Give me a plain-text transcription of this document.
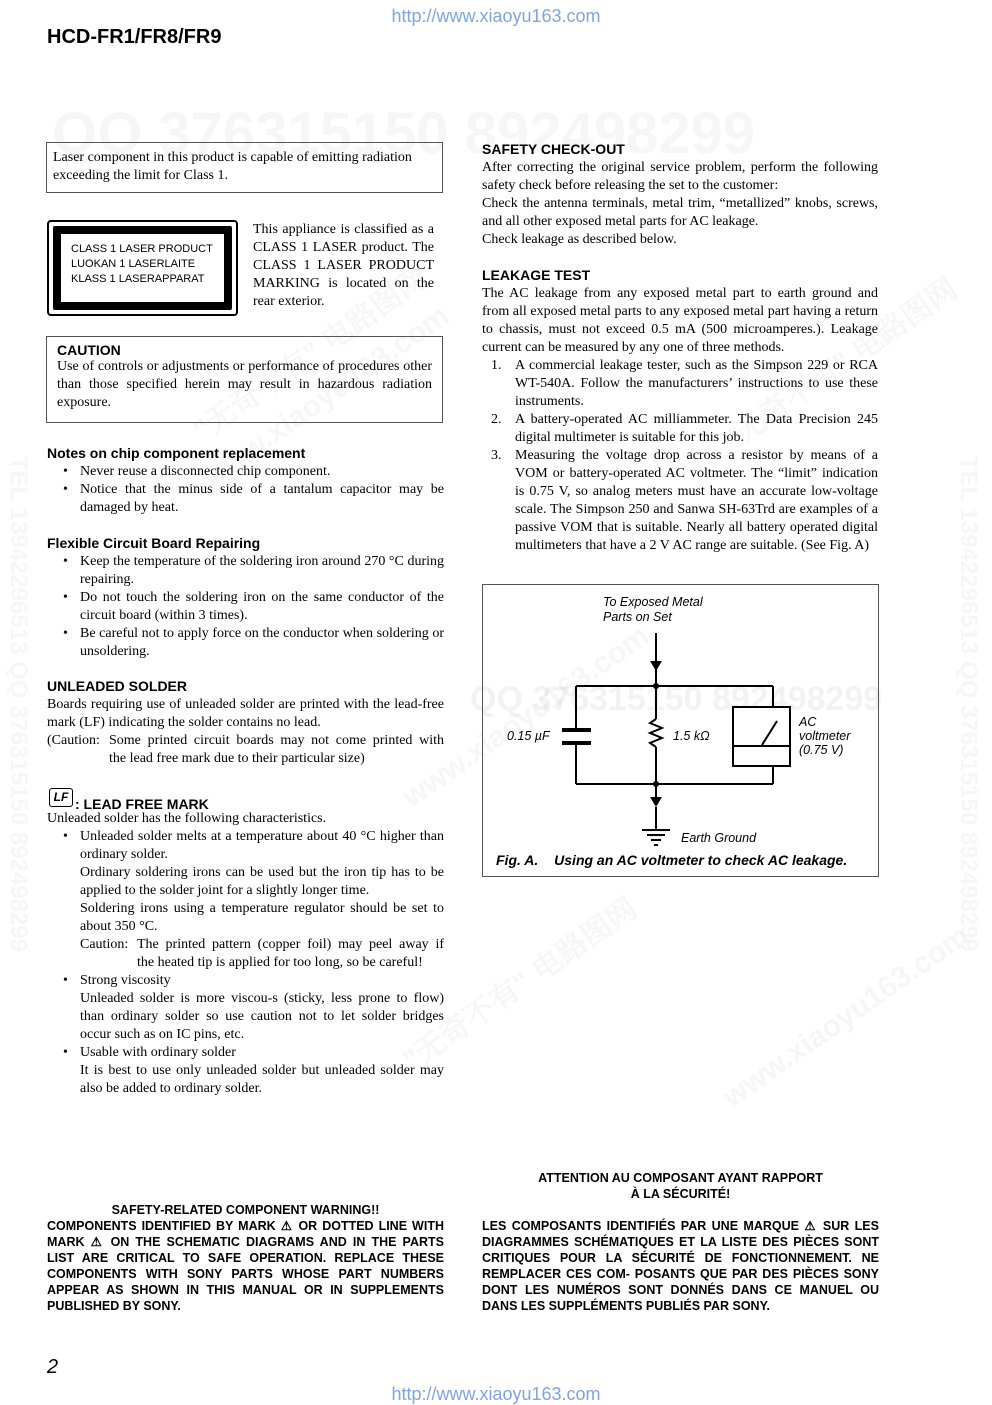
QQ 376315150 892498299
http://www.xiaoyu163.com
HCD-FR1/FR8/FR9
Laser component in this product is capable of emitting radiation exceeding the limit for Class 1.
CLASS 1 LASER PRODUCT
LUOKAN 1 LASERLAITE
KLASS 1 LASERAPPARAT
This appliance is classified as a CLASS 1 LASER product. The CLASS 1 LASER PRODUCT MARKING is located on the rear exterior.
CAUTION
Use of controls or adjustments or performance of procedures other than those specified herein may result in hazardous radiation exposure.
Notes on chip component replacement
• Never reuse a disconnected chip component.
• Notice that the minus side of a tantalum capacitor may be damaged by heat.
Flexible Circuit Board Repairing
• Keep the temperature of the soldering iron around 270 °C during repairing.
• Do not touch the soldering iron on the same conductor of the circuit board (within 3 times).
• Be careful not to apply force on the conductor when soldering or unsoldering.
UNLEADED SOLDER
Boards requiring use of unleaded solder are printed with the lead-free mark (LF) indicating the solder contains no lead.
(Caution: Some printed circuit boards may not come printed with
the lead free mark due to their particular size)
LF : LEAD FREE MARK
Unleaded solder has the following characteristics.
• Unleaded solder melts at a temperature about 40 °C higher than ordinary solder.
Ordinary soldering irons can be used but the iron tip has to be applied to the solder joint for a slightly longer time.
Soldering irons using a temperature regulator should be set to about 350 °C.
Caution: The printed pattern (copper foil) may peel away if
the heated tip is applied for too long, so be careful!
• Strong viscosity
Unleaded solder is more viscou-s (sticky, less prone to flow) than ordinary solder so use caution not to let solder bridges occur such as on IC pins, etc.
• Usable with ordinary solder
It is best to use only unleaded solder but unleaded solder may also be added to ordinary solder.
SAFETY CHECK-OUT
After correcting the original service problem, perform the following safety check before releasing the set to the customer:
Check the antenna terminals, metal trim, “metallized” knobs, screws, and all other exposed metal parts for AC leakage.
Check leakage as described below.
LEAKAGE TEST
The AC leakage from any exposed metal part to earth ground and from all exposed metal parts to any exposed metal part having a return to chassis, must not exceed 0.5 mA (500 microamperes.). Leakage current can be measured by any one of three methods.
1. A commercial leakage tester, such as the Simpson 229 or RCA WT-540A. Follow the manufacturers’ instructions to use these instruments.
2. A battery-operated AC milliammeter. The Data Precision 245 digital multimeter is suitable for this job.
3. Measuring the voltage drop across a resistor by means of a VOM or battery-operated AC voltmeter. The “limit” indication is 0.75 V, so analog meters must have an accurate low-voltage scale. The Simpson 250 and Sanwa SH-63Trd are examples of a passive VOM that is suitable. Nearly all battery operated digital multimeters that have a 2 V AC range are suitable. (See Fig. A)
To Exposed Metal
Parts on Set
0.15 µF	1.5 kΩ
AC
voltmeter
(0.75 V)
Earth Ground
Fig. A. Using an AC voltmeter to check AC leakage.
SAFETY-RELATED COMPONENT WARNING!!
COMPONENTS IDENTIFIED BY MARK ⚠ OR DOTTED LINE WITH MARK ⚠ ON THE SCHEMATIC DIAGRAMS AND IN THE PARTS LIST ARE CRITICAL TO SAFE OPERATION. REPLACE THESE COMPONENTS WITH SONY PARTS WHOSE PART NUMBERS APPEAR AS SHOWN IN THIS MANUAL OR IN SUPPLEMENTS PUBLISHED BY SONY.
ATTENTION AU COMPOSANT AYANT RAPPORT
À LA SÉCURITÉ!
LES COMPOSANTS IDENTIFIÉS PAR UNE MARQUE ⚠ SUR LES DIAGRAMMES SCHÉMATIQUES ET LA LISTE DES PIÈCES SONT CRITIQUES POUR LA SÉCURITÉ DE FONCTIONNEMENT. NE REMPLACER CES COM- POSANTS QUE PAR DES PIÈCES SONY DONT LES NUMÉROS SONT DONNÉS DANS CE MANUEL OU DANS LES SUPPLÉMENTS PUBLIÉS PAR SONY.
2
http://www.xiaoyu163.com
